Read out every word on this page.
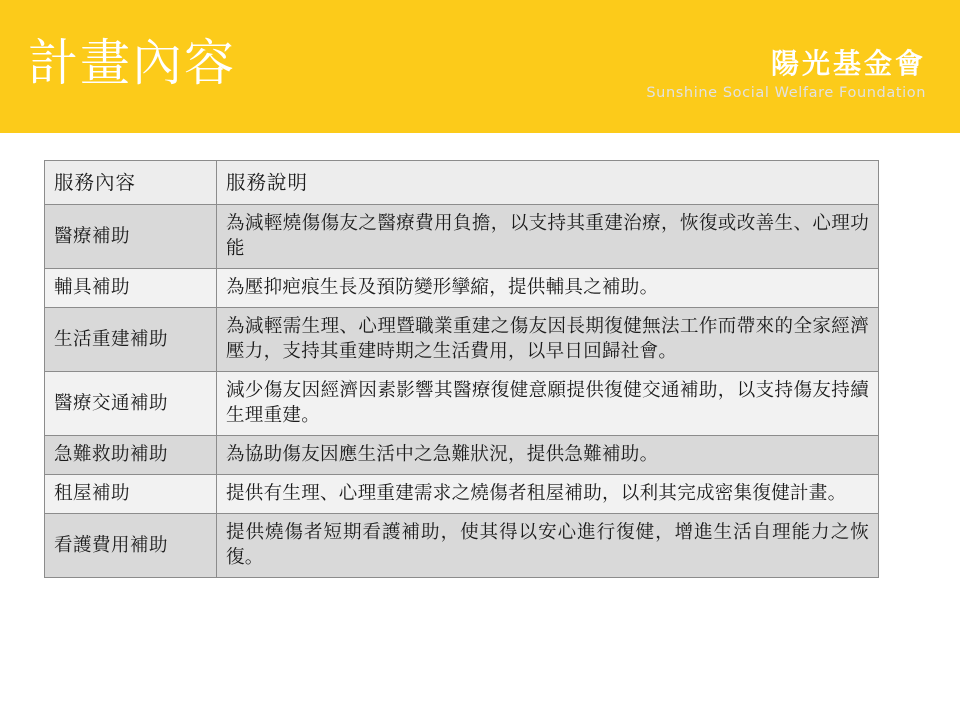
計畫內容	陽光基金會
Sunshine Social Welfare Foundation
服務內容	服務說明
醫療補助	為減輕燒傷傷友之醫療費用負擔，以支持其重建治療，恢復或改善生、心理功能
輔具補助	為壓抑疤痕生長及預防變形攣縮，提供輔具之補助。
生活重建補助	為減輕需生理、心理暨職業重建之傷友因長期復健無法工作而帶來的全家經濟壓力，支持其重建時期之生活費用，以早日回歸社會。
醫療交通補助	減少傷友因經濟因素影響其醫療復健意願提供復健交通補助，以支持傷友持續生理重建。
急難救助補助	為協助傷友因應生活中之急難狀況，提供急難補助。
租屋補助	提供有生理、心理重建需求之燒傷者租屋補助，以利其完成密集復健計畫。
看護費用補助	提供燒傷者短期看護補助，使其得以安心進行復健，增進生活自理能力之恢復。
